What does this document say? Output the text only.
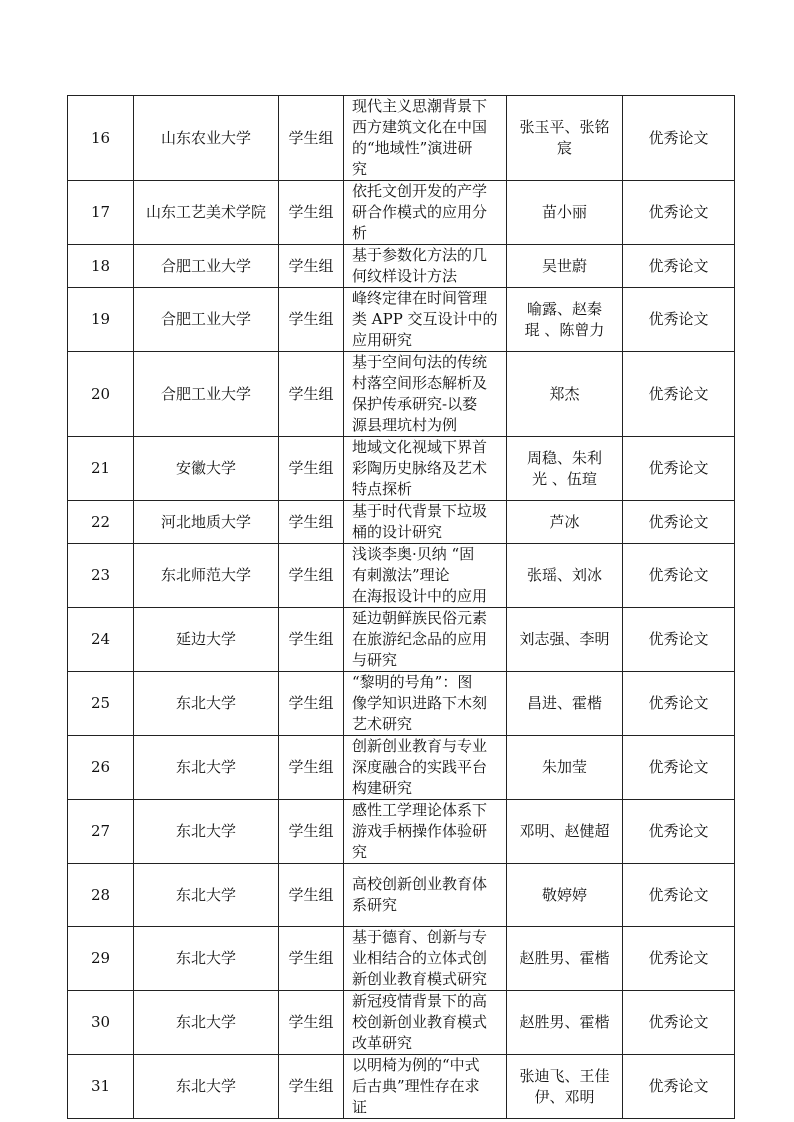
16	山东农业大学	学生组	现代主义思潮背景下
西方建筑文化在中国
的“地域性”演进研
究	张玉平、张铭
宸	优秀论文
17	山东工艺美术学院	学生组	依托文创开发的产学
研合作模式的应用分
析	苗小丽	优秀论文
18	合肥工业大学	学生组	基于参数化方法的几
何纹样设计方法	吴世蔚	优秀论文
19	合肥工业大学	学生组	峰终定律在时间管理
类 APP 交互设计中的
应用研究	喻露、赵秦
琨 、陈曾力	优秀论文
20	合肥工业大学	学生组	基于空间句法的传统
村落空间形态解析及
保护传承研究-以婺
源县理坑村为例	郑杰	优秀论文
21	安徽大学	学生组	地域文化视域下界首
彩陶历史脉络及艺术
特点探析	周稳、朱利
光 、伍瑄	优秀论文
22	河北地质大学	学生组	基于时代背景下垃圾
桶的设计研究	芦冰	优秀论文
23	东北师范大学	学生组	浅谈李奥·贝纳 “固
有刺激法”理论
在海报设计中的应用	张瑶、刘冰	优秀论文
24	延边大学	学生组	延边朝鲜族民俗元素
在旅游纪念品的应用
与研究	刘志强、李明	优秀论文
25	东北大学	学生组	“黎明的号角”：图
像学知识进路下木刻
艺术研究	昌进、霍楷	优秀论文
26	东北大学	学生组	创新创业教育与专业
深度融合的实践平台
构建研究	朱加莹	优秀论文
27	东北大学	学生组	感性工学理论体系下
游戏手柄操作体验研
究	邓明、赵健超	优秀论文
28	东北大学	学生组	高校创新创业教育体
系研究	敬婷婷	优秀论文
29	东北大学	学生组	基于德育、创新与专
业相结合的立体式创
新创业教育模式研究	赵胜男、霍楷	优秀论文
30	东北大学	学生组	新冠疫情背景下的高
校创新创业教育模式
改革研究	赵胜男、霍楷	优秀论文
31	东北大学	学生组	以明椅为例的“中式
后古典”理性存在求
证	张迪飞、王佳
伊、邓明	优秀论文
